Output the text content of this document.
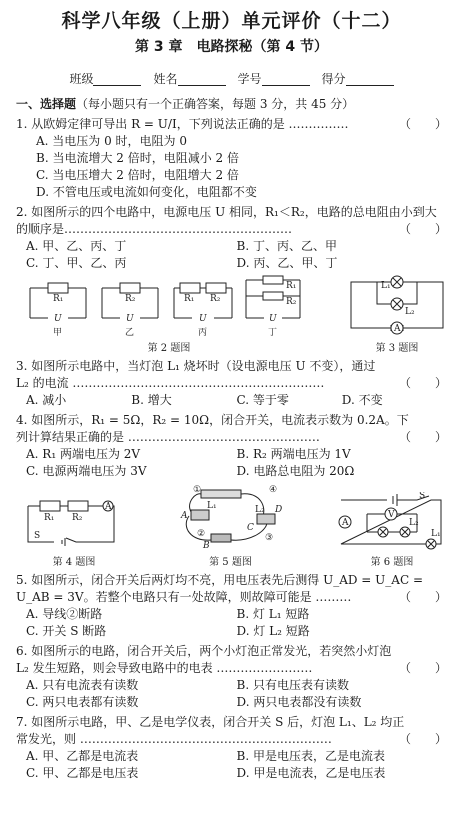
科学八年级（上册）单元评价（十二）
第 3 章　电路探秘（第 4 节）
班级	姓名	学号	得分
一、选择题（每小题只有一个正确答案，每题 3 分，共 45 分）
1. 从欧姆定律可导出 R = U/I，下列说法正确的是 ……………	（　　）
A. 当电压为 0 时，电阻为 0
B. 当电流增大 2 倍时，电阻减小 2 倍
C. 当电压增大 2 倍时，电阻增大 2 倍
D. 不管电压或电流如何变化，电阻都不变
2. 如图所示的四个电路中，电源电压 U 相同，R₁＜R₂，电路的总电阻由小到大的顺序是…………………………………………………	（　　）
A. 甲、乙、丙、丁	B. 丁、丙、乙、甲
C. 丁、甲、乙、丙	D. 丙、乙、甲、丁
R₁	R₂	R₁ R₂
R₁
R₂
U	U	U	U
甲	乙	丙	丁
第 2 题图
L₁
L₂
A
第 3 题图
3. 如图所示电路中，当灯泡 L₁ 烧坏时（设电源电压 U 不变），通过
L₂ 的电流 ………………………………………………………	（　　）
A. 减小	B. 增大	C. 等于零	D. 不变
4. 如图所示，R₁ = 5Ω，R₂ = 10Ω，闭合开关，电流表示数为 0.2A。下
列计算结果正确的是 …………………………………………	（　　）
A. R₁ 两端电压为 2V	B. R₂ 两端电压为 1V
C. 电源两端电压为 3V	D. 电路总电阻为 20Ω
R₁ R₂
A
S
第 4 题图
①	④
②	③
A
B
C
D
L₁	L₂
第 5 题图
A
V
S
L₁
L₂
第 6 题图
5. 如图所示，闭合开关后两灯均不亮，用电压表先后测得 U_AD = U_AC =
U_AB = 3V。若整个电路只有一处故障，则故障可能是 ………	（　　）
A. 导线②断路	B. 灯 L₁ 短路
C. 开关 S 断路	D. 灯 L₂ 短路
6. 如图所示的电路，闭合开关后，两个小灯泡正常发光，若突然小灯泡
L₂ 发生短路，则会导致电路中的电表 ……………………	（　　）
A. 只有电流表有读数	B. 只有电压表有读数
C. 两只电表都有读数	D. 两只电表都没有读数
7. 如图所示电路，甲、乙是电学仪表，闭合开关 S 后，灯泡 L₁、L₂ 均正
常发光，则 ………………………………………………………	（　　）
A. 甲、乙都是电流表	B. 甲是电压表，乙是电流表
C. 甲、乙都是电压表	D. 甲是电流表，乙是电压表
